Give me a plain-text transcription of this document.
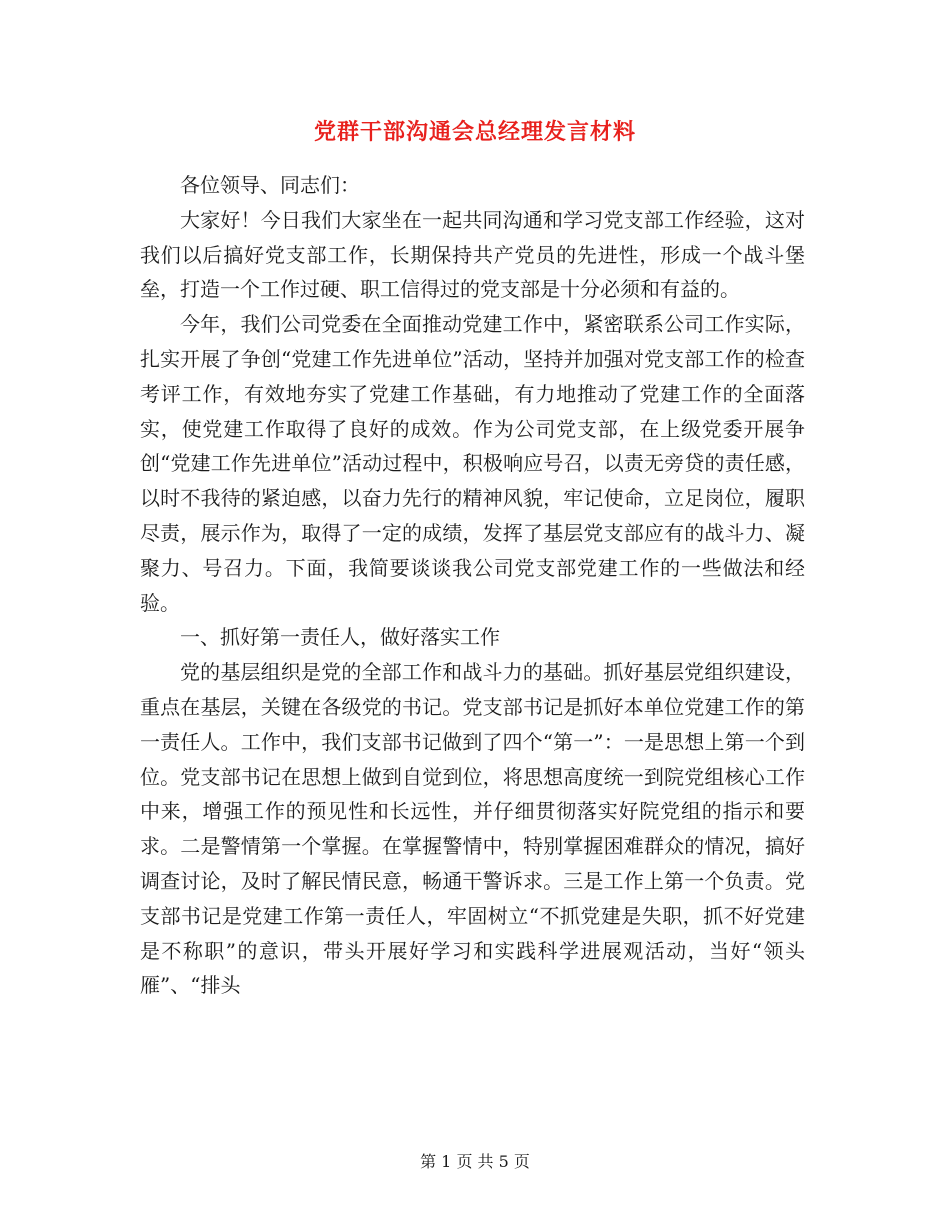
党群干部沟通会总经理发言材料

各位领导、同志们：

大家好！今日我们大家坐在一起共同沟通和学习党支部工作经验，这对我们以后搞好党支部工作，长期保持共产党员的先进性，形成一个战斗堡垒，打造一个工作过硬、职工信得过的党支部是十分必须和有益的。

今年，我们公司党委在全面推动党建工作中，紧密联系公司工作实际，扎实开展了争创“党建工作先进单位”活动，坚持并加强对党支部工作的检查考评工作，有效地夯实了党建工作基础，有力地推动了党建工作的全面落实，使党建工作取得了良好的成效。作为公司党支部，在上级党委开展争创“党建工作先进单位”活动过程中，积极响应号召，以责无旁贷的责任感，以时不我待的紧迫感，以奋力先行的精神风貌，牢记使命，立足岗位，履职尽责，展示作为，取得了一定的成绩，发挥了基层党支部应有的战斗力、凝聚力、号召力。下面，我简要谈谈我公司党支部党建工作的一些做法和经验。

一、抓好第一责任人，做好落实工作

党的基层组织是党的全部工作和战斗力的基础。抓好基层党组织建设，重点在基层，关键在各级党的书记。党支部书记是抓好本单位党建工作的第一责任人。工作中，我们支部书记做到了四个“第一”：一是思想上第一个到位。党支部书记在思想上做到自觉到位，将思想高度统一到院党组核心工作中来，增强工作的预见性和长远性，并仔细贯彻落实好院党组的指示和要求。二是警情第一个掌握。在掌握警情中，特别掌握困难群众的情况，搞好调查讨论，及时了解民情民意，畅通干警诉求。三是工作上第一个负责。党支部书记是党建工作第一责任人，牢固树立“不抓党建是失职，抓不好党建是不称职”的意识，带头开展好学习和实践科学进展观活动，当好“领头雁”、“排头

第 1 页 共 5 页
